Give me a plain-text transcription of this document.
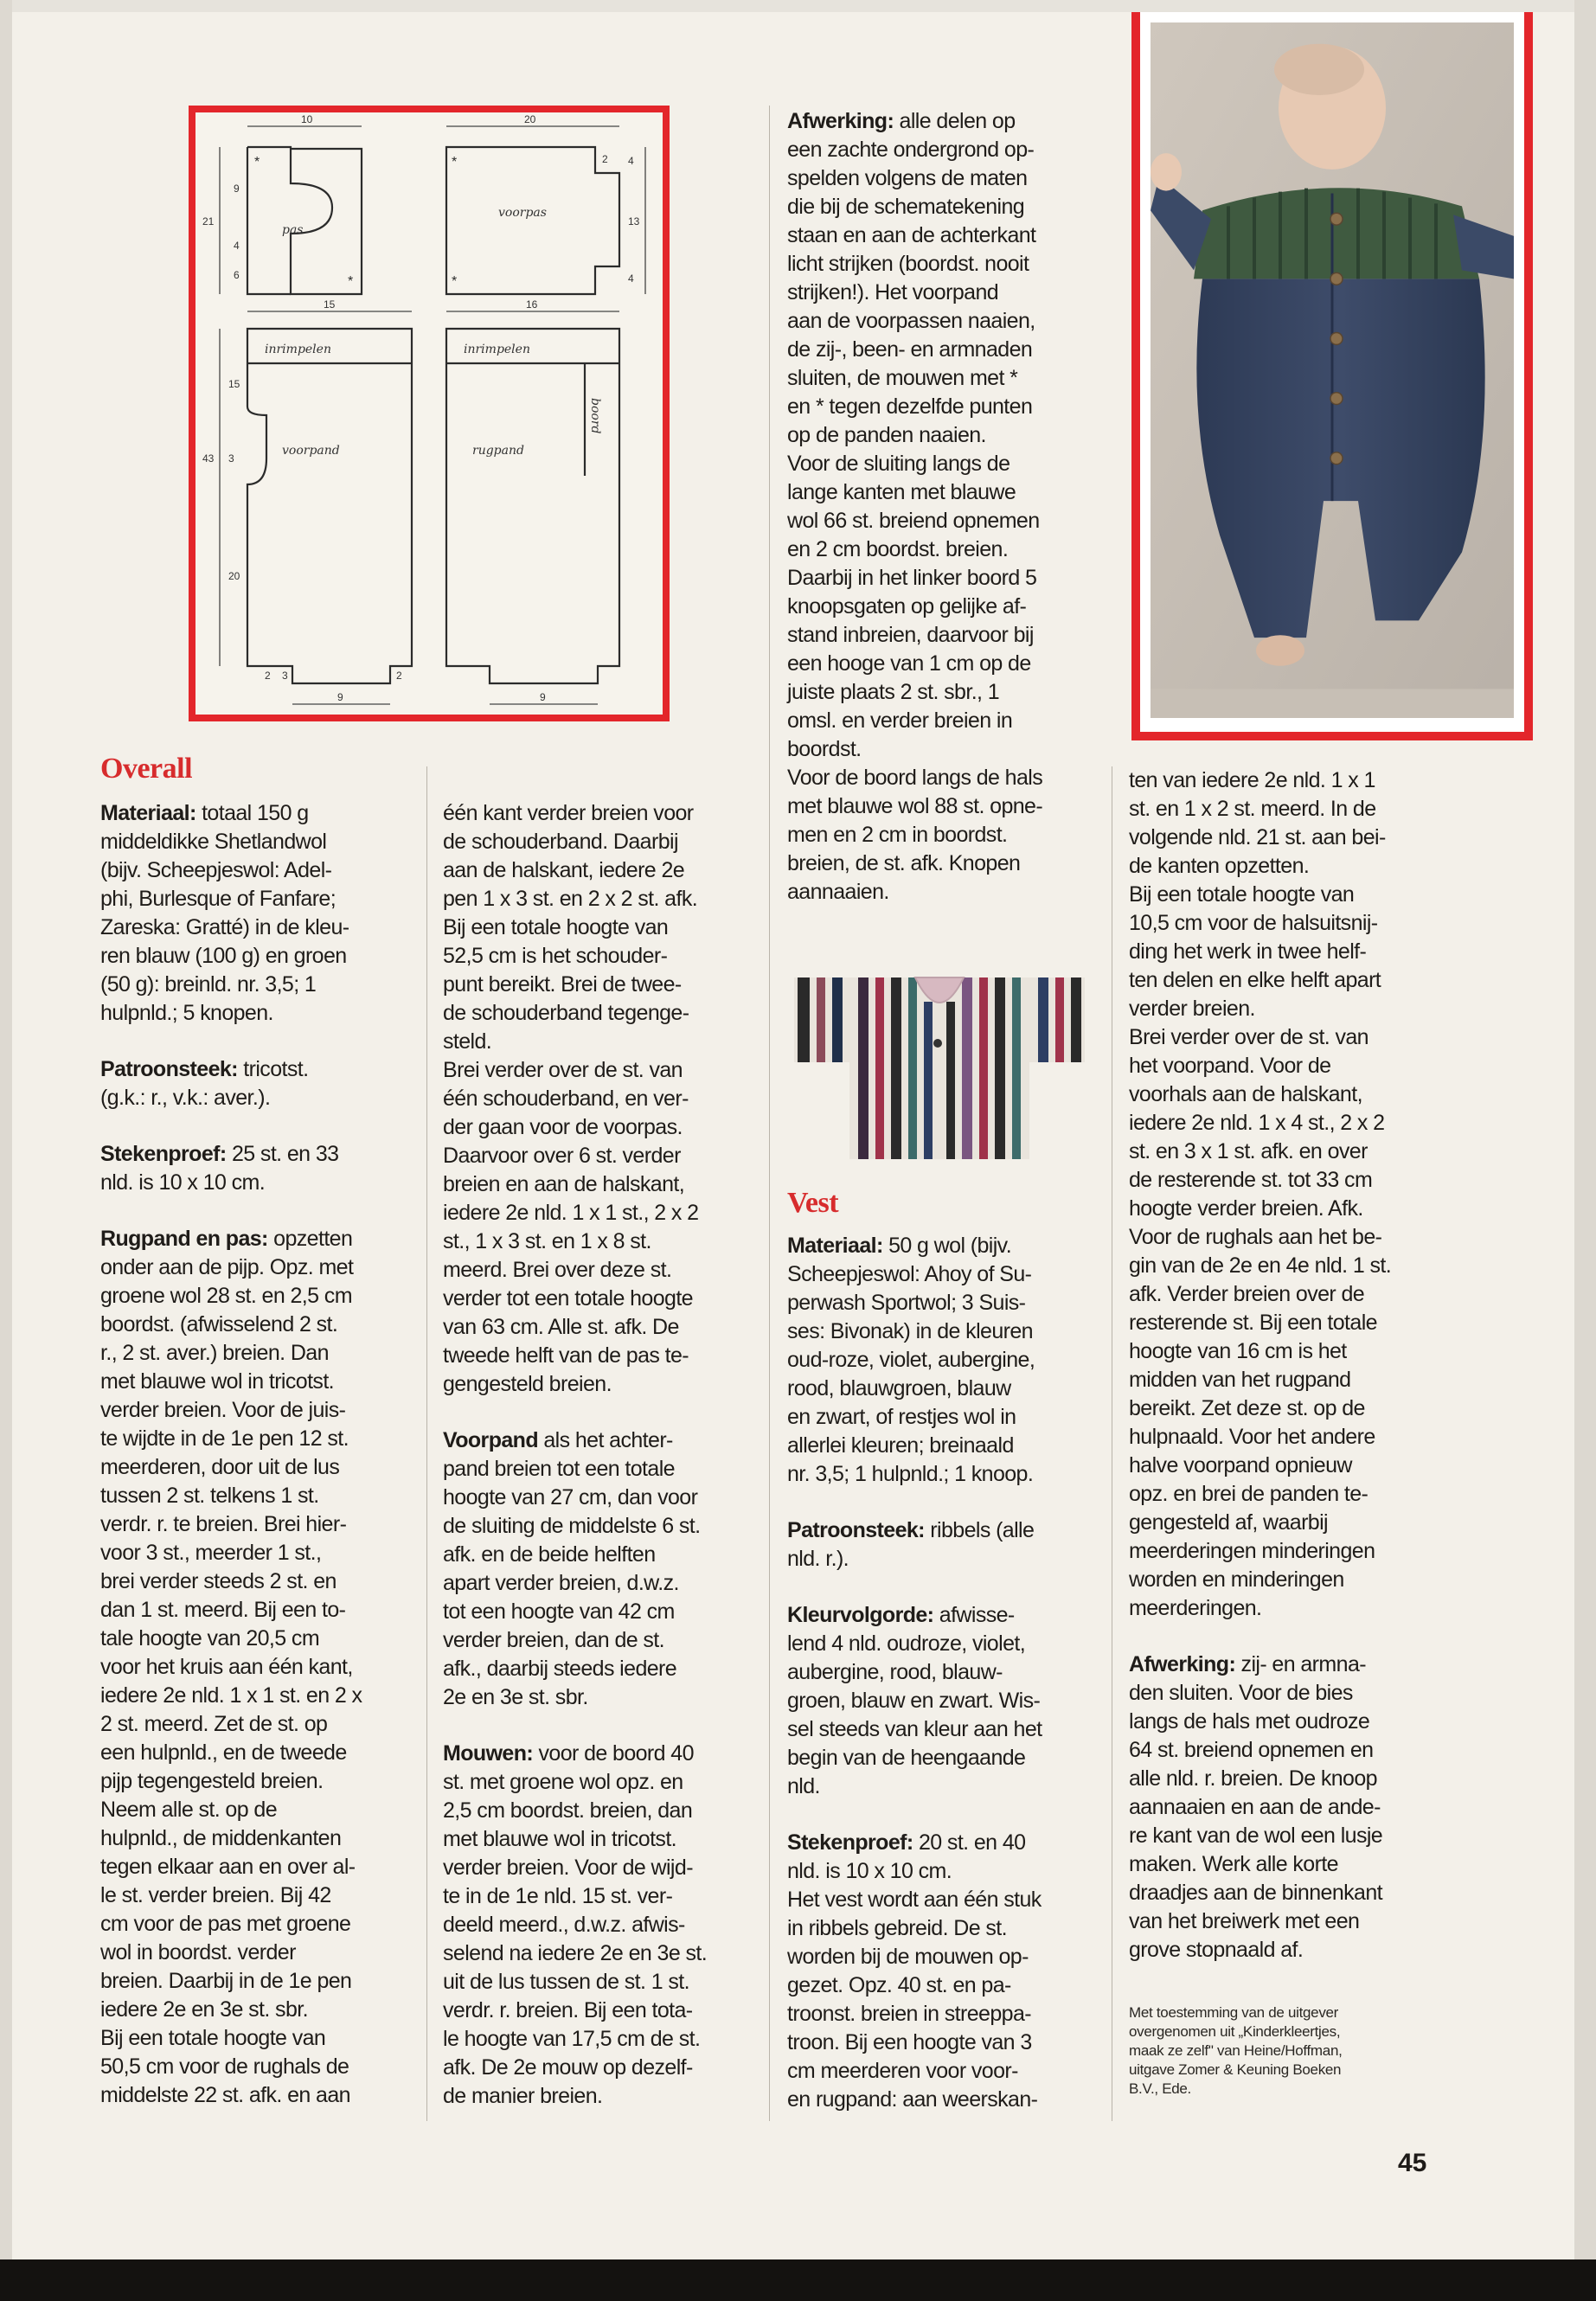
pas
voorpas
inrimpelen	inrimpelen
voorpand	rugpand
boord
10	20
2
9
21
4
6
4
13
4
15	16
15
43 3
20
2 3	2
9	9
*
*
*
*
Overall

Materiaal: totaal 150 g
middeldikke Shetlandwol
(bijv. Scheepjeswol: Adel-
phi, Burlesque of Fanfare;
Zareska: Gratté) in de kleu-
ren blauw (100 g) en groen
(50 g): breinld. nr. 3,5; 1
hulpnld.; 5 knopen.

Patroonsteek: tricotst.
(g.k.: r., v.k.: aver.).

Stekenproef: 25 st. en 33
nld. is 10 x 10 cm.

Rugpand en pas: opzetten
onder aan de pijp. Opz. met
groene wol 28 st. en 2,5 cm
boordst. (afwisselend 2 st.
r., 2 st. aver.) breien. Dan
met blauwe wol in tricotst.
verder breien. Voor de juis-
te wijdte in de 1e pen 12 st.
meerderen, door uit de lus
tussen 2 st. telkens 1 st.
verdr. r. te breien. Brei hier-
voor 3 st., meerder 1 st.,
brei verder steeds 2 st. en
dan 1 st. meerd. Bij een to-
tale hoogte van 20,5 cm
voor het kruis aan één kant,
iedere 2e nld. 1 x 1 st. en 2 x
2 st. meerd. Zet de st. op
een hulpnld., en de tweede
pijp tegengesteld breien.
Neem alle st. op de
hulpnld., de middenkanten
tegen elkaar aan en over al-
le st. verder breien. Bij 42
cm voor de pas met groene
wol in boordst. verder
breien. Daarbij in de 1e pen
iedere 2e en 3e st. sbr.
Bij een totale hoogte van
50,5 cm voor de rughals de
middelste 22 st. afk. en aan

één kant verder breien voor
de schouderband. Daarbij
aan de halskant, iedere 2e
pen 1 x 3 st. en 2 x 2 st. afk.
Bij een totale hoogte van
52,5 cm is het schouder-
punt bereikt. Brei de twee-
de schouderband tegenge-
steld.
Brei verder over de st. van
één schouderband, en ver-
der gaan voor de voorpas.
Daarvoor over 6 st. verder
breien en aan de halskant,
iedere 2e nld. 1 x 1 st., 2 x 2
st., 1 x 3 st. en 1 x 8 st.
meerd. Brei over deze st.
verder tot een totale hoogte
van 63 cm. Alle st. afk. De
tweede helft van de pas te-
gengesteld breien.

Voorpand als het achter-
pand breien tot een totale
hoogte van 27 cm, dan voor
de sluiting de middelste 6 st.
afk. en de beide helften
apart verder breien, d.w.z.
tot een hoogte van 42 cm
verder breien, dan de st.
afk., daarbij steeds iedere
2e en 3e st. sbr.

Mouwen: voor de boord 40
st. met groene wol opz. en
2,5 cm boordst. breien, dan
met blauwe wol in tricotst.
verder breien. Voor de wijd-
te in de 1e nld. 15 st. ver-
deeld meerd., d.w.z. afwis-
selend na iedere 2e en 3e st.
uit de lus tussen de st. 1 st.
verdr. r. breien. Bij een tota-
le hoogte van 17,5 cm de st.
afk. De 2e mouw op dezelf-
de manier breien.

Afwerking: alle delen op
een zachte ondergrond op-
spelden volgens de maten
die bij de schematekening
staan en aan de achterkant
licht strijken (boordst. nooit
strijken!). Het voorpand
aan de voorpassen naaien,
de zij-, been- en armnaden
sluiten, de mouwen met *
en * tegen dezelfde punten
op de panden naaien.
Voor de sluiting langs de
lange kanten met blauwe
wol 66 st. breiend opnemen
en 2 cm boordst. breien.
Daarbij in het linker boord 5
knoopsgaten op gelijke af-
stand inbreien, daarvoor bij
een hooge van 1 cm op de
juiste plaats 2 st. sbr., 1
omsl. en verder breien in
boordst.
Voor de boord langs de hals
met blauwe wol 88 st. opne-
men en 2 cm in boordst.
breien, de st. afk. Knopen
aannaaien.

Vest

Materiaal: 50 g wol (bijv.
Scheepjeswol: Ahoy of Su-
perwash Sportwol; 3 Suis-
ses: Bivonak) in de kleuren
oud-roze, violet, aubergine,
rood, blauwgroen, blauw
en zwart, of restjes wol in
allerlei kleuren; breinaald
nr. 3,5; 1 hulpnld.; 1 knoop.

Patroonsteek: ribbels (alle
nld. r.).

Kleurvolgorde: afwisse-
lend 4 nld. oudroze, violet,
aubergine, rood, blauw-
groen, blauw en zwart. Wis-
sel steeds van kleur aan het
begin van de heengaande
nld.

Stekenproef: 20 st. en 40
nld. is 10 x 10 cm.
Het vest wordt aan één stuk
in ribbels gebreid. De st.
worden bij de mouwen op-
gezet. Opz. 40 st. en pa-
troonst. breien in streeppa-
troon. Bij een hoogte van 3
cm meerderen voor voor-
en rugpand: aan weerskan-

ten van iedere 2e nld. 1 x 1
st. en 1 x 2 st. meerd. In de
volgende nld. 21 st. aan bei-
de kanten opzetten.
Bij een totale hoogte van
10,5 cm voor de halsuitsnij-
ding het werk in twee helf-
ten delen en elke helft apart
verder breien.
Brei verder over de st. van
het voorpand. Voor de
voorhals aan de halskant,
iedere 2e nld. 1 x 4 st., 2 x 2
st. en 3 x 1 st. afk. en over
de resterende st. tot 33 cm
hoogte verder breien. Afk.
Voor de rughals aan het be-
gin van de 2e en 4e nld. 1 st.
afk. Verder breien over de
resterende st. Bij een totale
hoogte van 16 cm is het
midden van het rugpand
bereikt. Zet deze st. op de
hulpnaald. Voor het andere
halve voorpand opnieuw
opz. en brei de panden te-
gengesteld af, waarbij
meerderingen minderingen
worden en minderingen
meerderingen.

Afwerking: zij- en armna-
den sluiten. Voor de bies
langs de hals met oudroze
64 st. breiend opnemen en
alle nld. r. breien. De knoop
aannaaien en aan de ande-
re kant van de wol een lusje
maken. Werk alle korte
draadjes aan de binnenkant
van het breiwerk met een
grove stopnaald af.

Met toestemming van de uitgever
overgenomen uit „Kinderkleertjes,
maak ze zelf" van Heine/Hoffman,
uitgave Zomer & Keuning Boeken
B.V., Ede.
45
